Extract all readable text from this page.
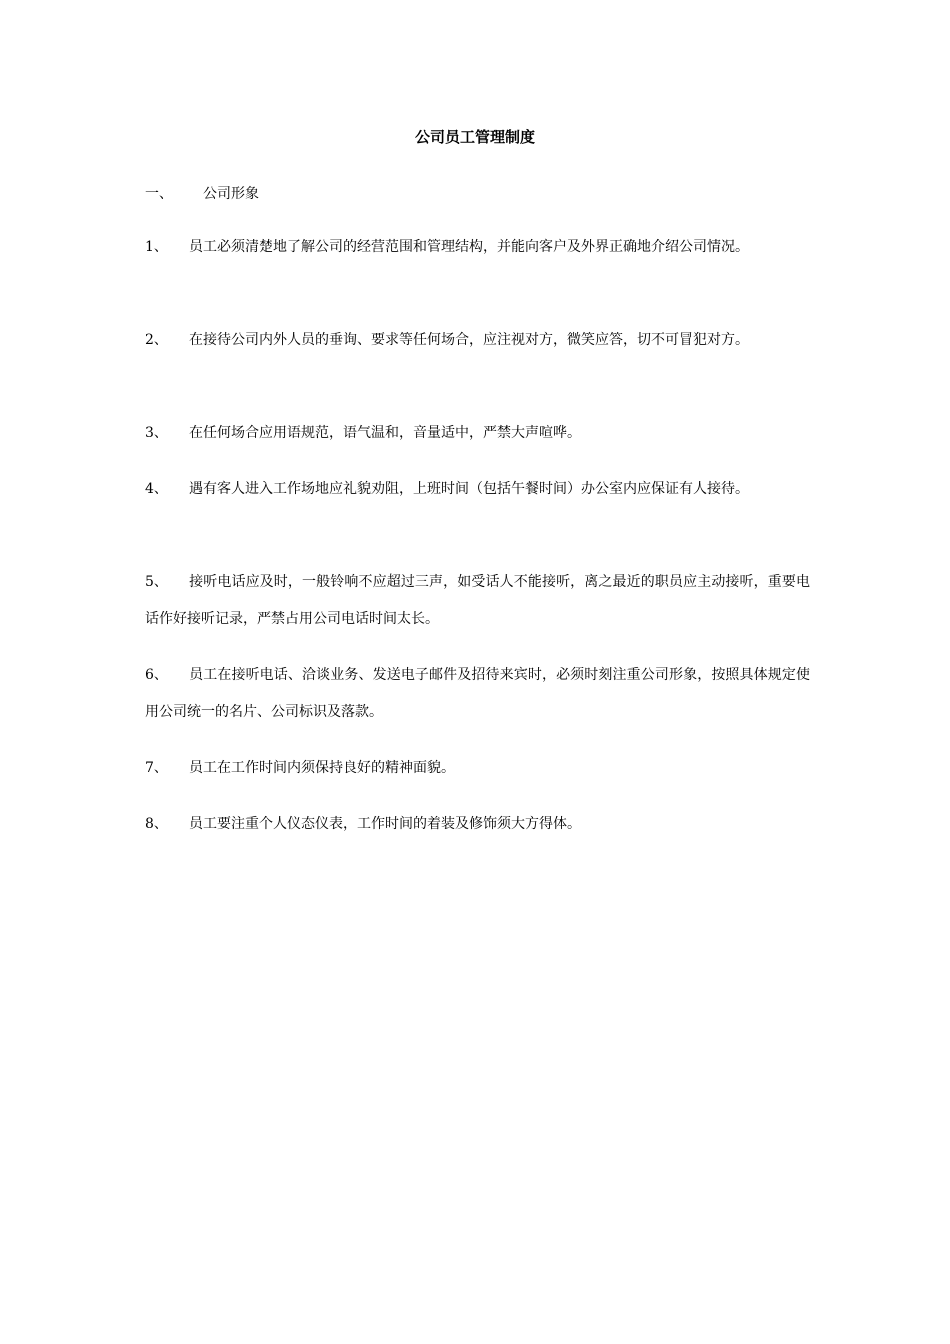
公司员工管理制度
一、 公司形象
1、 员工必须清楚地了解公司的经营范围和管理结构，并能向客户及外界正确地介绍公司情况。
2、 在接待公司内外人员的垂询、要求等任何场合，应注视对方，微笑应答，切不可冒犯对方。
3、 在任何场合应用语规范，语气温和，音量适中，严禁大声喧哗。
4、 遇有客人进入工作场地应礼貌劝阻，上班时间（包括午餐时间）办公室内应保证有人接待。
5、 接听电话应及时，一般铃响不应超过三声，如受话人不能接听，离之最近的职员应主动接听，重要电话作好接听记录，严禁占用公司电话时间太长。
6、 员工在接听电话、洽谈业务、发送电子邮件及招待来宾时，必须时刻注重公司形象，按照具体规定使用公司统一的名片、公司标识及落款。
7、 员工在工作时间内须保持良好的精神面貌。
8、 员工要注重个人仪态仪表，工作时间的着装及修饰须大方得体。
